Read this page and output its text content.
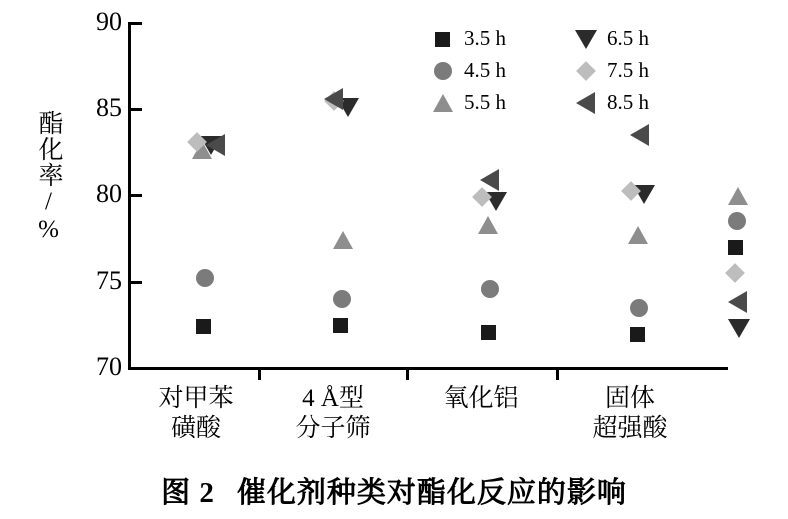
酯化率/%
90
85
80
75
70
对甲苯
磺酸
4 Å型
分子筛
氧化铝	固体
超强酸
3.5 h	6.5 h
4.5 h	7.5 h
5.5 h	8.5 h
图 2 催化剂种类对酯化反应的影响
